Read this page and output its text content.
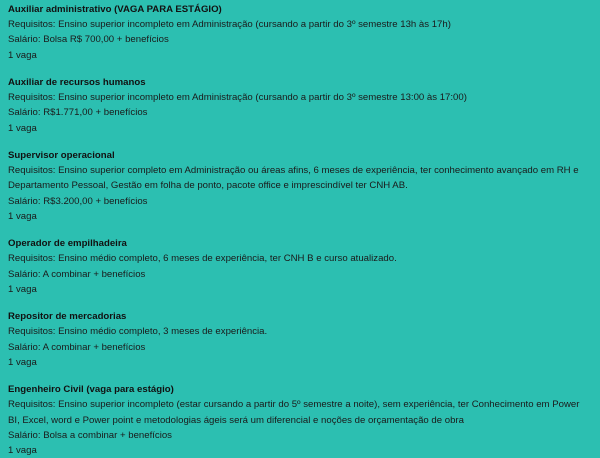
Auxiliar administrativo (VAGA PARA ESTÁGIO)
Requisitos: Ensino superior incompleto em Administração (cursando a partir do 3º semestre 13h às 17h)
Salário: Bolsa R$ 700,00 + benefícios
1 vaga
Auxiliar de recursos humanos
Requisitos: Ensino superior incompleto em Administração (cursando a partir do 3º semestre 13:00 às 17:00)
Salário: R$1.771,00 + benefícios
1 vaga
Supervisor operacional
Requisitos: Ensino superior completo em Administração ou áreas afins, 6 meses de experiência, ter conhecimento avançado em RH e Departamento Pessoal, Gestão em folha de ponto, pacote office e imprescindível ter CNH AB.
Salário: R$3.200,00 + benefícios
1 vaga
Operador de empilhadeira
Requisitos: Ensino médio completo, 6 meses de experiência, ter CNH B e curso atualizado.
Salário: A combinar + benefícios
1 vaga
Repositor de mercadorias
Requisitos: Ensino médio completo, 3 meses de experiência.
Salário: A combinar + benefícios
1 vaga
Engenheiro Civil (vaga para estágio)
Requisitos: Ensino superior incompleto (estar cursando a partir do 5º semestre a noite), sem experiência, ter Conhecimento em Power BI, Excel, word e Power point e metodologias ágeis será um diferencial e noções de orçamentação de obra
Salário: Bolsa a combinar + benefícios
1 vaga
